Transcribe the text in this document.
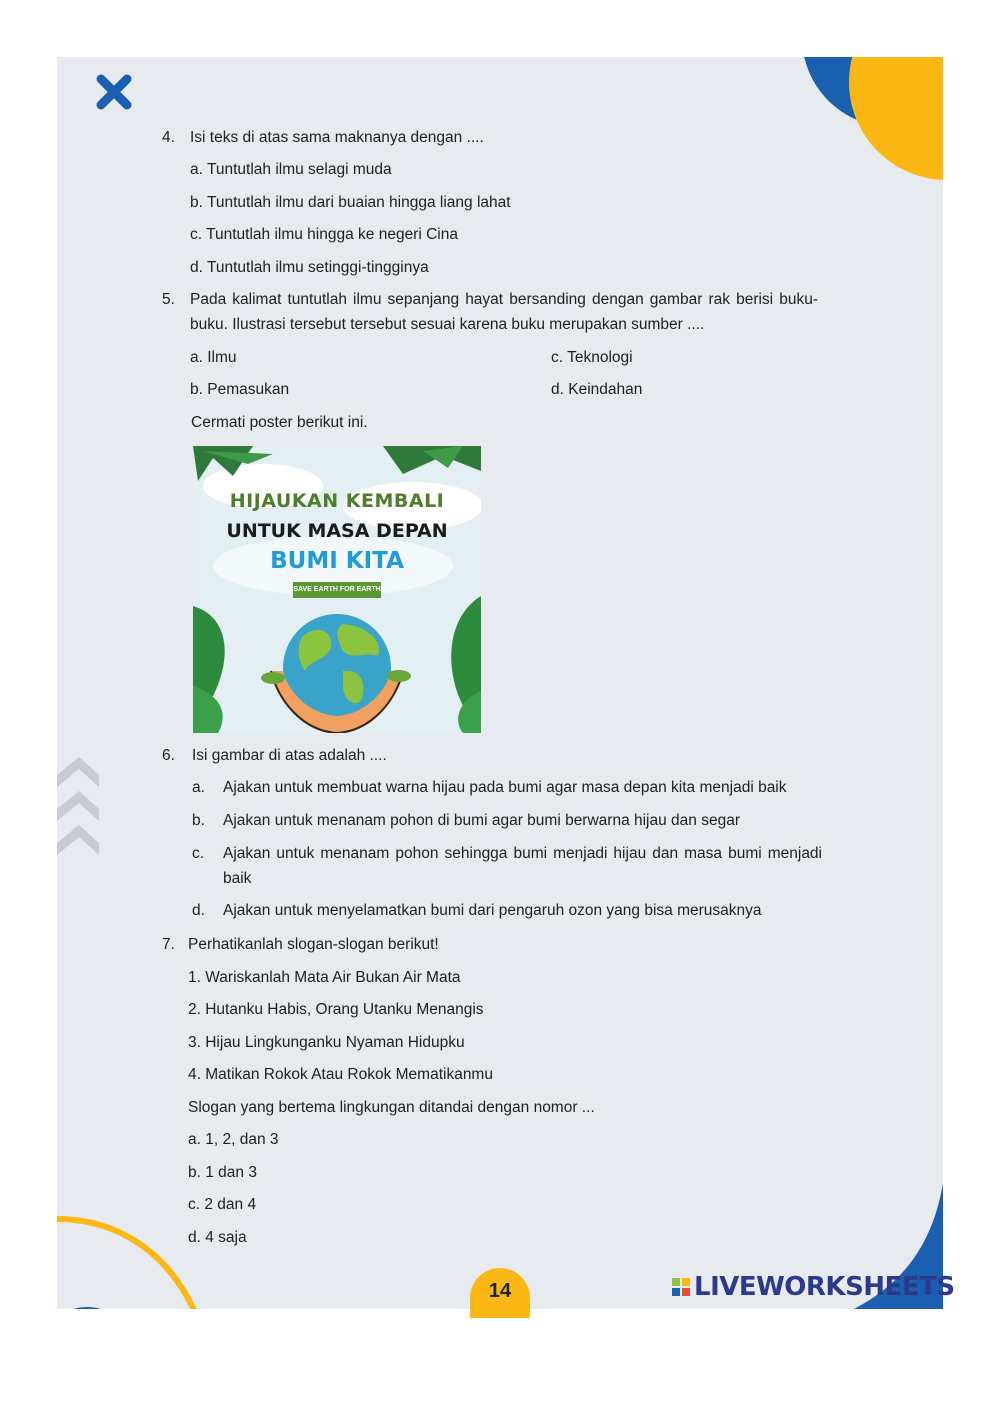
4. Isi teks di atas sama maknanya dengan ....
a. Tuntutlah ilmu selagi muda
b. Tuntutlah ilmu dari buaian hingga liang lahat
c. Tuntutlah ilmu hingga ke negeri Cina
d. Tuntutlah ilmu setinggi-tingginya
5. Pada kalimat tuntutlah ilmu sepanjang hayat bersanding dengan gambar rak berisi buku-buku. Ilustrasi tersebut tersebut sesuai karena buku merupakan sumber ....
a. Ilmu	c. Teknologi
b. Pemasukan	d. Keindahan
Cermati poster berikut ini.
HIJAUKAN KEMBALI
UNTUK MASA DEPAN
BUMI KITA
SAVE EARTH FOR EARTH
6. Isi gambar di atas adalah ....
a. Ajakan untuk membuat warna hijau pada bumi agar masa depan kita menjadi baik
b. Ajakan untuk menanam pohon di bumi agar bumi berwarna hijau dan segar
c. Ajakan untuk menanam pohon sehingga bumi menjadi hijau dan masa bumi menjadi baik
d. Ajakan untuk menyelamatkan bumi dari pengaruh ozon yang bisa merusaknya
7. Perhatikanlah slogan-slogan berikut!
1. Wariskanlah Mata Air Bukan Air Mata
2. Hutanku Habis, Orang Utanku Menangis
3. Hijau Lingkunganku Nyaman Hidupku
4. Matikan Rokok Atau Rokok Mematikanmu
Slogan yang bertema lingkungan ditandai dengan nomor ...
a. 1, 2, dan 3
b. 1 dan 3
c. 2 dan 4
d. 4 saja
14	LIVEWORKSHEETS
